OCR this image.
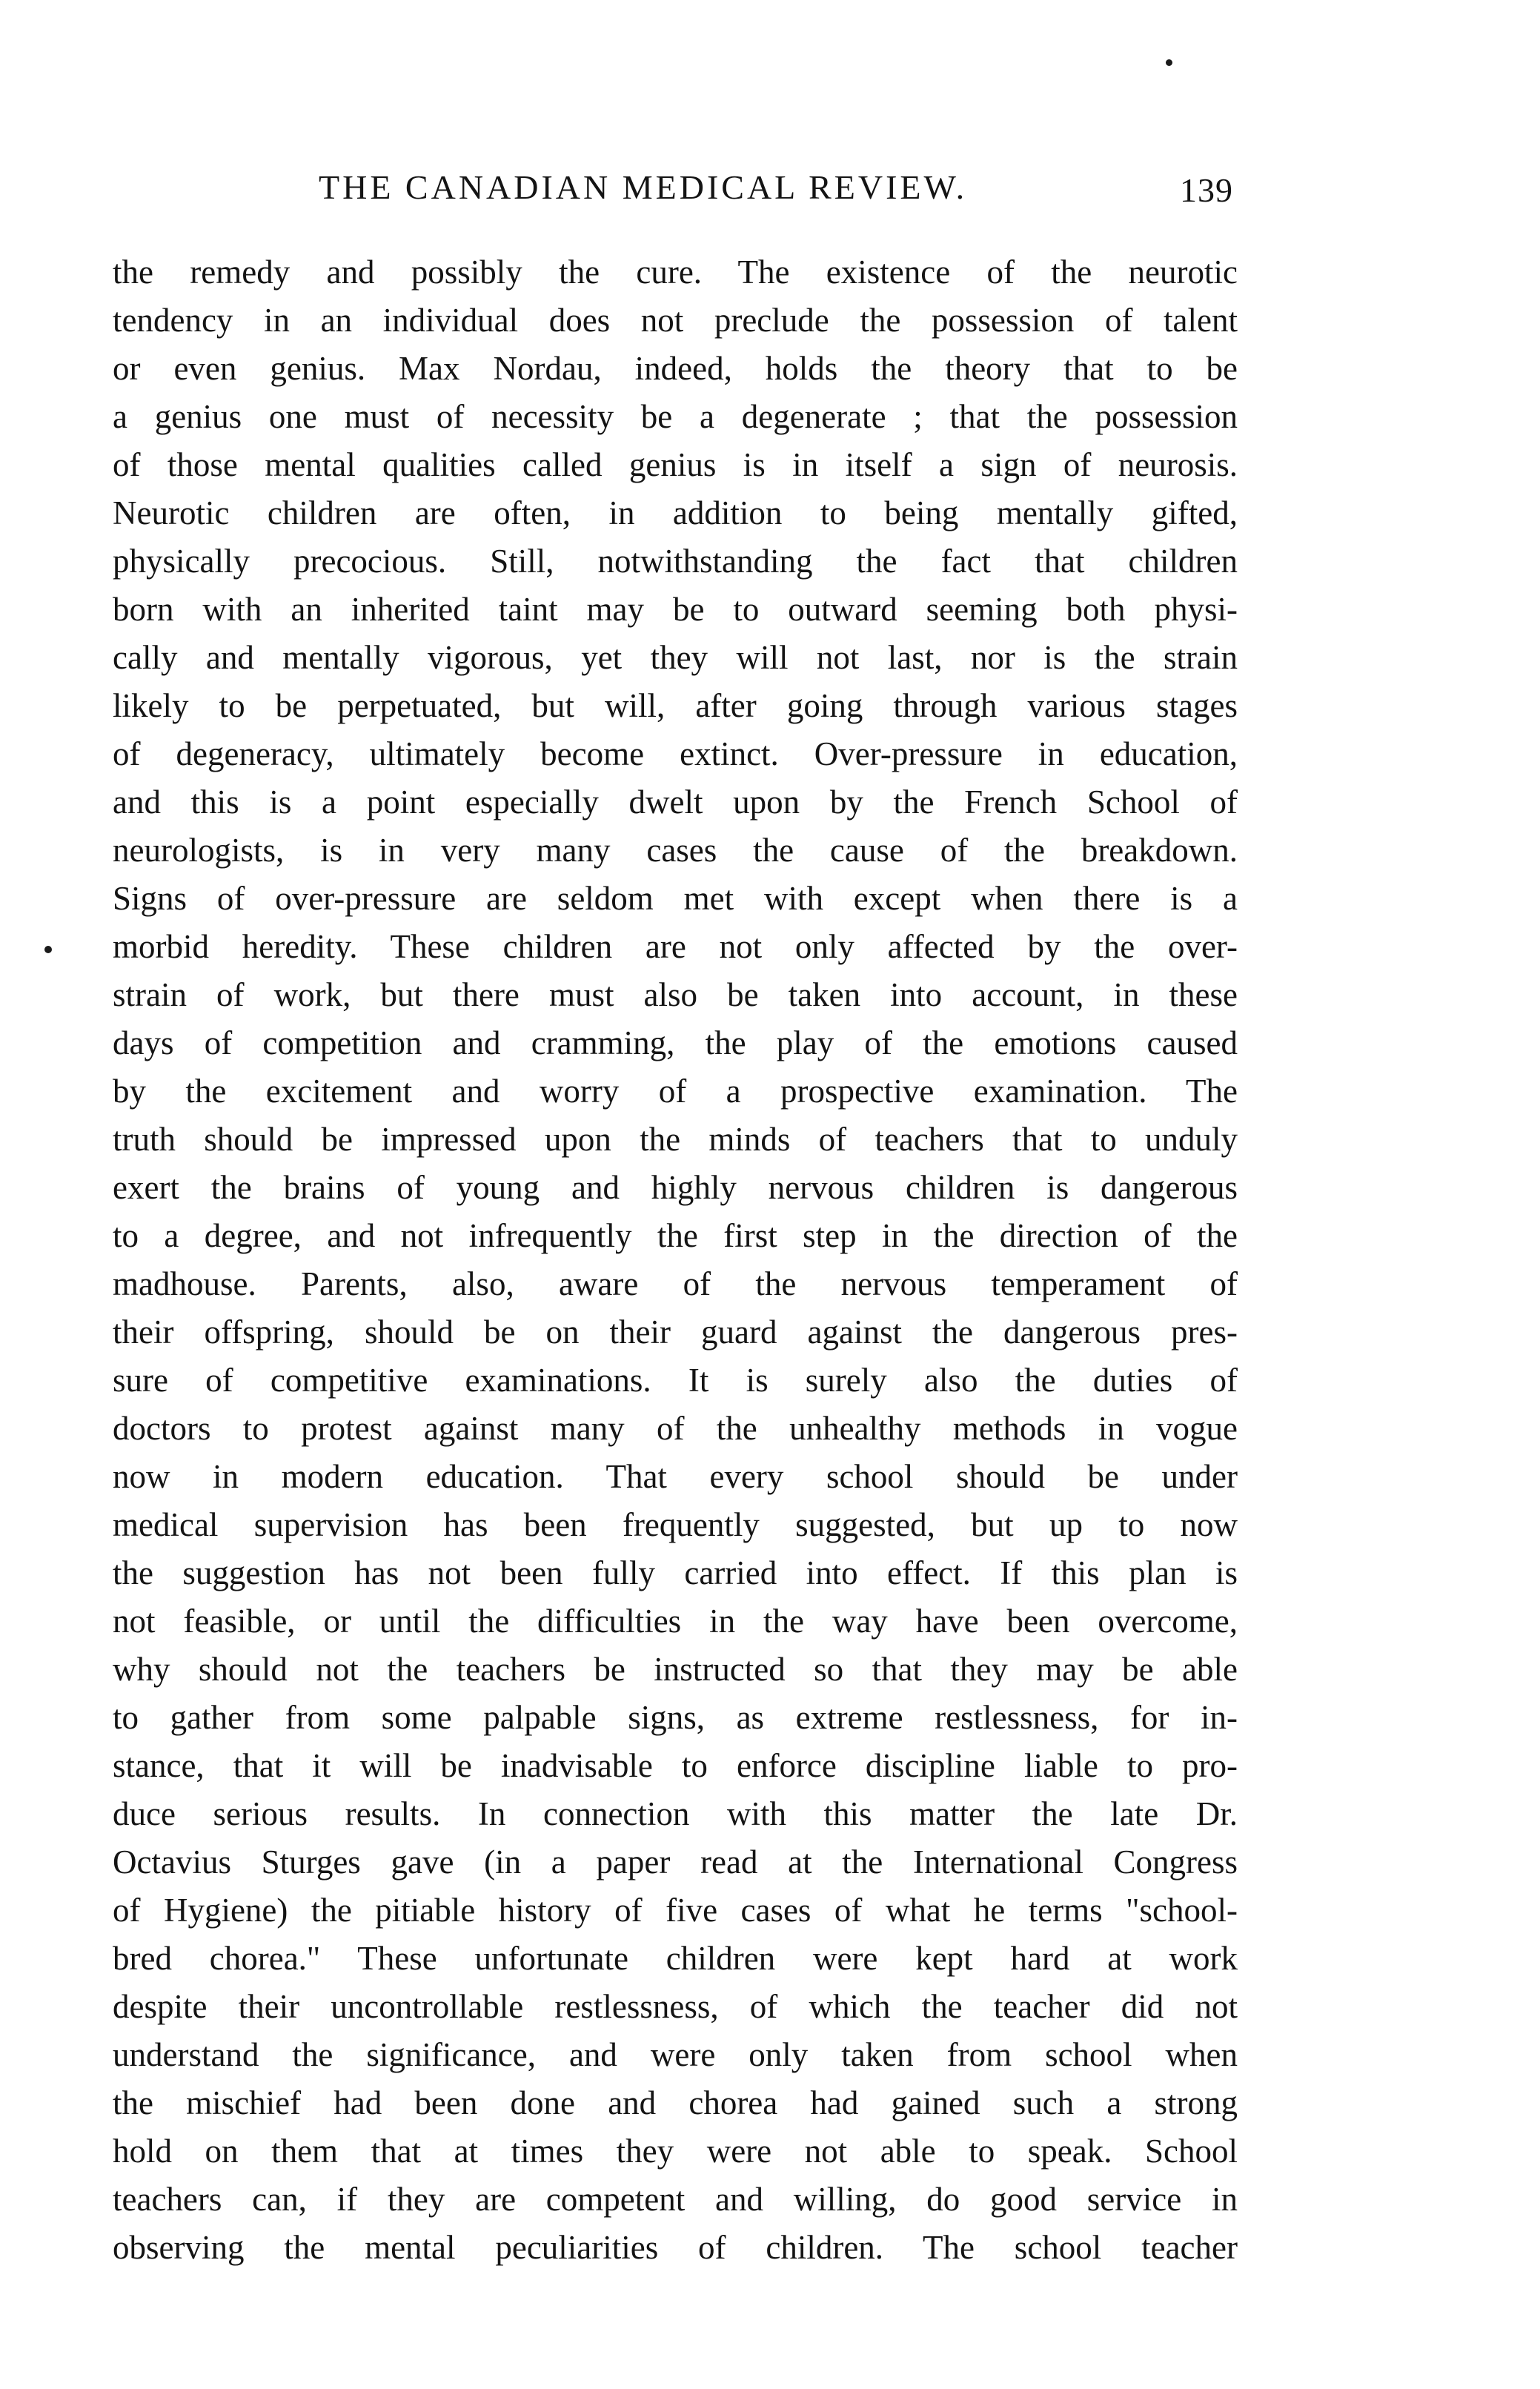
THE CANADIAN MEDICAL REVIEW.	139
the remedy and possibly the cure. The existence of the neurotic
tendency in an individual does not preclude the possession of talent
or even genius. Max Nordau, indeed, holds the theory that to be
a genius one must of necessity be a degenerate ; that the possession
of those mental qualities called genius is in itself a sign of neurosis.
Neurotic children are often, in addition to being mentally gifted,
physically precocious. Still, notwithstanding the fact that children
born with an inherited taint may be to outward seeming both physi-
cally and mentally vigorous, yet they will not last, nor is the strain
likely to be perpetuated, but will, after going through various stages
of degeneracy, ultimately become extinct. Over-pressure in education,
and this is a point especially dwelt upon by the French School of
neurologists, is in very many cases the cause of the breakdown.
Signs of over-pressure are seldom met with except when there is a
morbid heredity. These children are not only affected by the over-
strain of work, but there must also be taken into account, in these
days of competition and cramming, the play of the emotions caused
by the excitement and worry of a prospective examination. The
truth should be impressed upon the minds of teachers that to unduly
exert the brains of young and highly nervous children is dangerous
to a degree, and not infrequently the first step in the direction of the
madhouse. Parents, also, aware of the nervous temperament of
their offspring, should be on their guard against the dangerous pres-
sure of competitive examinations. It is surely also the duties of
doctors to protest against many of the unhealthy methods in vogue
now in modern education. That every school should be under
medical supervision has been frequently suggested, but up to now
the suggestion has not been fully carried into effect. If this plan is
not feasible, or until the difficulties in the way have been overcome,
why should not the teachers be instructed so that they may be able
to gather from some palpable signs, as extreme restlessness, for in-
stance, that it will be inadvisable to enforce discipline liable to pro-
duce serious results. In connection with this matter the late Dr.
Octavius Sturges gave (in a paper read at the International Congress
of Hygiene) the pitiable history of five cases of what he terms "school-
bred chorea." These unfortunate children were kept hard at work
despite their uncontrollable restlessness, of which the teacher did not
understand the significance, and were only taken from school when
the mischief had been done and chorea had gained such a strong
hold on them that at times they were not able to speak. School
teachers can, if they are competent and willing, do good service in
observing the mental peculiarities of children. The school teacher
